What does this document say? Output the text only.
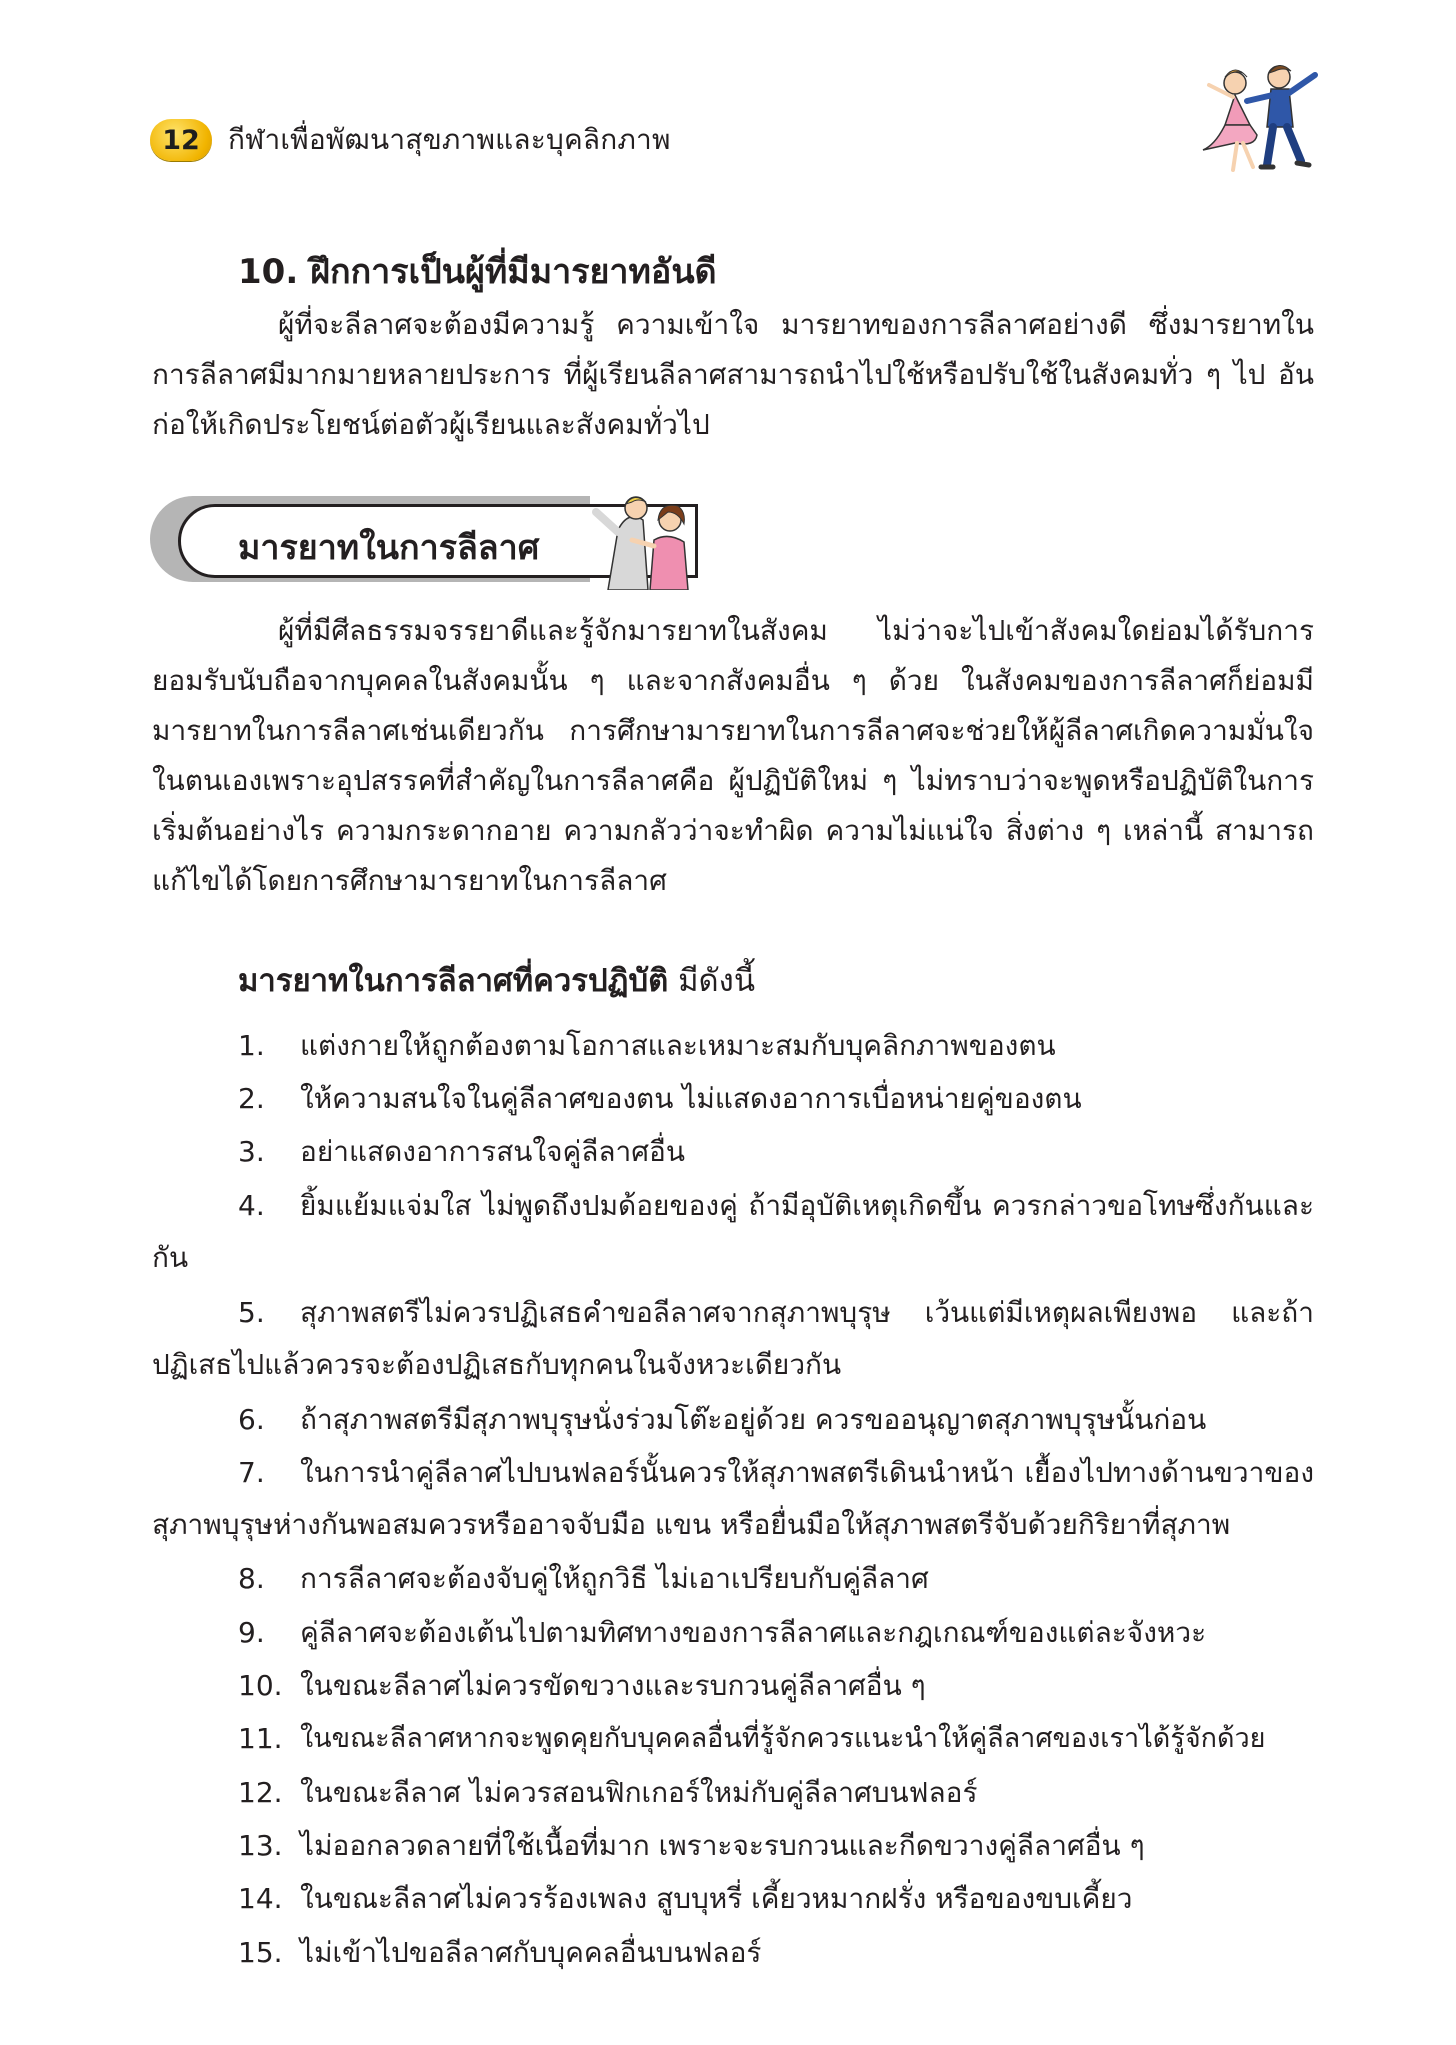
12	กีฬาเพื่อพัฒนาสุขภาพและบุคลิกภาพ
10. ฝึกการเป็นผู้ที่มีมารยาทอันดี
ผู้ที่จะลีลาศจะต้องมีความรู้ ความเข้าใจ มารยาทของการลีลาศอย่างดี ซึ่งมารยาทในการลีลาศมีมากมายหลายประการ ที่ผู้เรียนลีลาศสามารถนำไปใช้หรือปรับใช้ในสังคมทั่ว ๆ ไป อันก่อให้เกิดประโยชน์ต่อตัวผู้เรียนและสังคมทั่วไป
มารยาทในการลีลาศ
ผู้ที่มีศีลธรรมจรรยาดีและรู้จักมารยาทในสังคม ไม่ว่าจะไปเข้าสังคมใดย่อมได้รับการยอมรับนับถือจากบุคคลในสังคมนั้น ๆ และจากสังคมอื่น ๆ ด้วย ในสังคมของการลีลาศก็ย่อมมีมารยาทในการลีลาศเช่นเดียวกัน การศึกษามารยาทในการลีลาศจะช่วยให้ผู้ลีลาศเกิดความมั่นใจในตนเองเพราะอุปสรรคที่สำคัญในการลีลาศคือ ผู้ปฏิบัติใหม่ ๆ ไม่ทราบว่าจะพูดหรือปฏิบัติในการเริ่มต้นอย่างไร ความกระดากอาย ความกลัวว่าจะทำผิด ความไม่แน่ใจ สิ่งต่าง ๆ เหล่านี้ สามารถแก้ไขได้โดยการศึกษามารยาทในการลีลาศ
มารยาทในการลีลาศที่ควรปฏิบัติ มีดังนี้
1.	แต่งกายให้ถูกต้องตามโอกาสและเหมาะสมกับบุคลิกภาพของตน
2.	ให้ความสนใจในคู่ลีลาศของตน ไม่แสดงอาการเบื่อหน่ายคู่ของตน
3.	อย่าแสดงอาการสนใจคู่ลีลาศอื่น
4.	ยิ้มแย้มแจ่มใส ไม่พูดถึงปมด้อยของคู่ ถ้ามีอุบัติเหตุเกิดขึ้น ควรกล่าวขอโทษซึ่งกันและกัน
5.	สุภาพสตรีไม่ควรปฏิเสธคำขอลีลาศจากสุภาพบุรุษ เว้นแต่มีเหตุผลเพียงพอ และถ้าปฏิเสธไปแล้วควรจะต้องปฏิเสธกับทุกคนในจังหวะเดียวกัน
6.	ถ้าสุภาพสตรีมีสุภาพบุรุษนั่งร่วมโต๊ะอยู่ด้วย ควรขออนุญาตสุภาพบุรุษนั้นก่อน
7.	ในการนำคู่ลีลาศไปบนฟลอร์นั้นควรให้สุภาพสตรีเดินนำหน้า เยื้องไปทางด้านขวาของสุภาพบุรุษห่างกันพอสมควรหรืออาจจับมือ แขน หรือยื่นมือให้สุภาพสตรีจับด้วยกิริยาที่สุภาพ
8.	การลีลาศจะต้องจับคู่ให้ถูกวิธี ไม่เอาเปรียบกับคู่ลีลาศ
9.	คู่ลีลาศจะต้องเต้นไปตามทิศทางของการลีลาศและกฎเกณฑ์ของแต่ละจังหวะ
10. ในขณะลีลาศไม่ควรขัดขวางและรบกวนคู่ลีลาศอื่น ๆ
11. ในขณะลีลาศหากจะพูดคุยกับบุคคลอื่นที่รู้จักควรแนะนำให้คู่ลีลาศของเราได้รู้จักด้วย
12. ในขณะลีลาศ ไม่ควรสอนฟิกเกอร์ใหม่กับคู่ลีลาศบนฟลอร์
13. ไม่ออกลวดลายที่ใช้เนื้อที่มาก เพราะจะรบกวนและกีดขวางคู่ลีลาศอื่น ๆ
14. ในขณะลีลาศไม่ควรร้องเพลง สูบบุหรี่ เคี้ยวหมากฝรั่ง หรือของขบเคี้ยว
15. ไม่เข้าไปขอลีลาศกับบุคคลอื่นบนฟลอร์
